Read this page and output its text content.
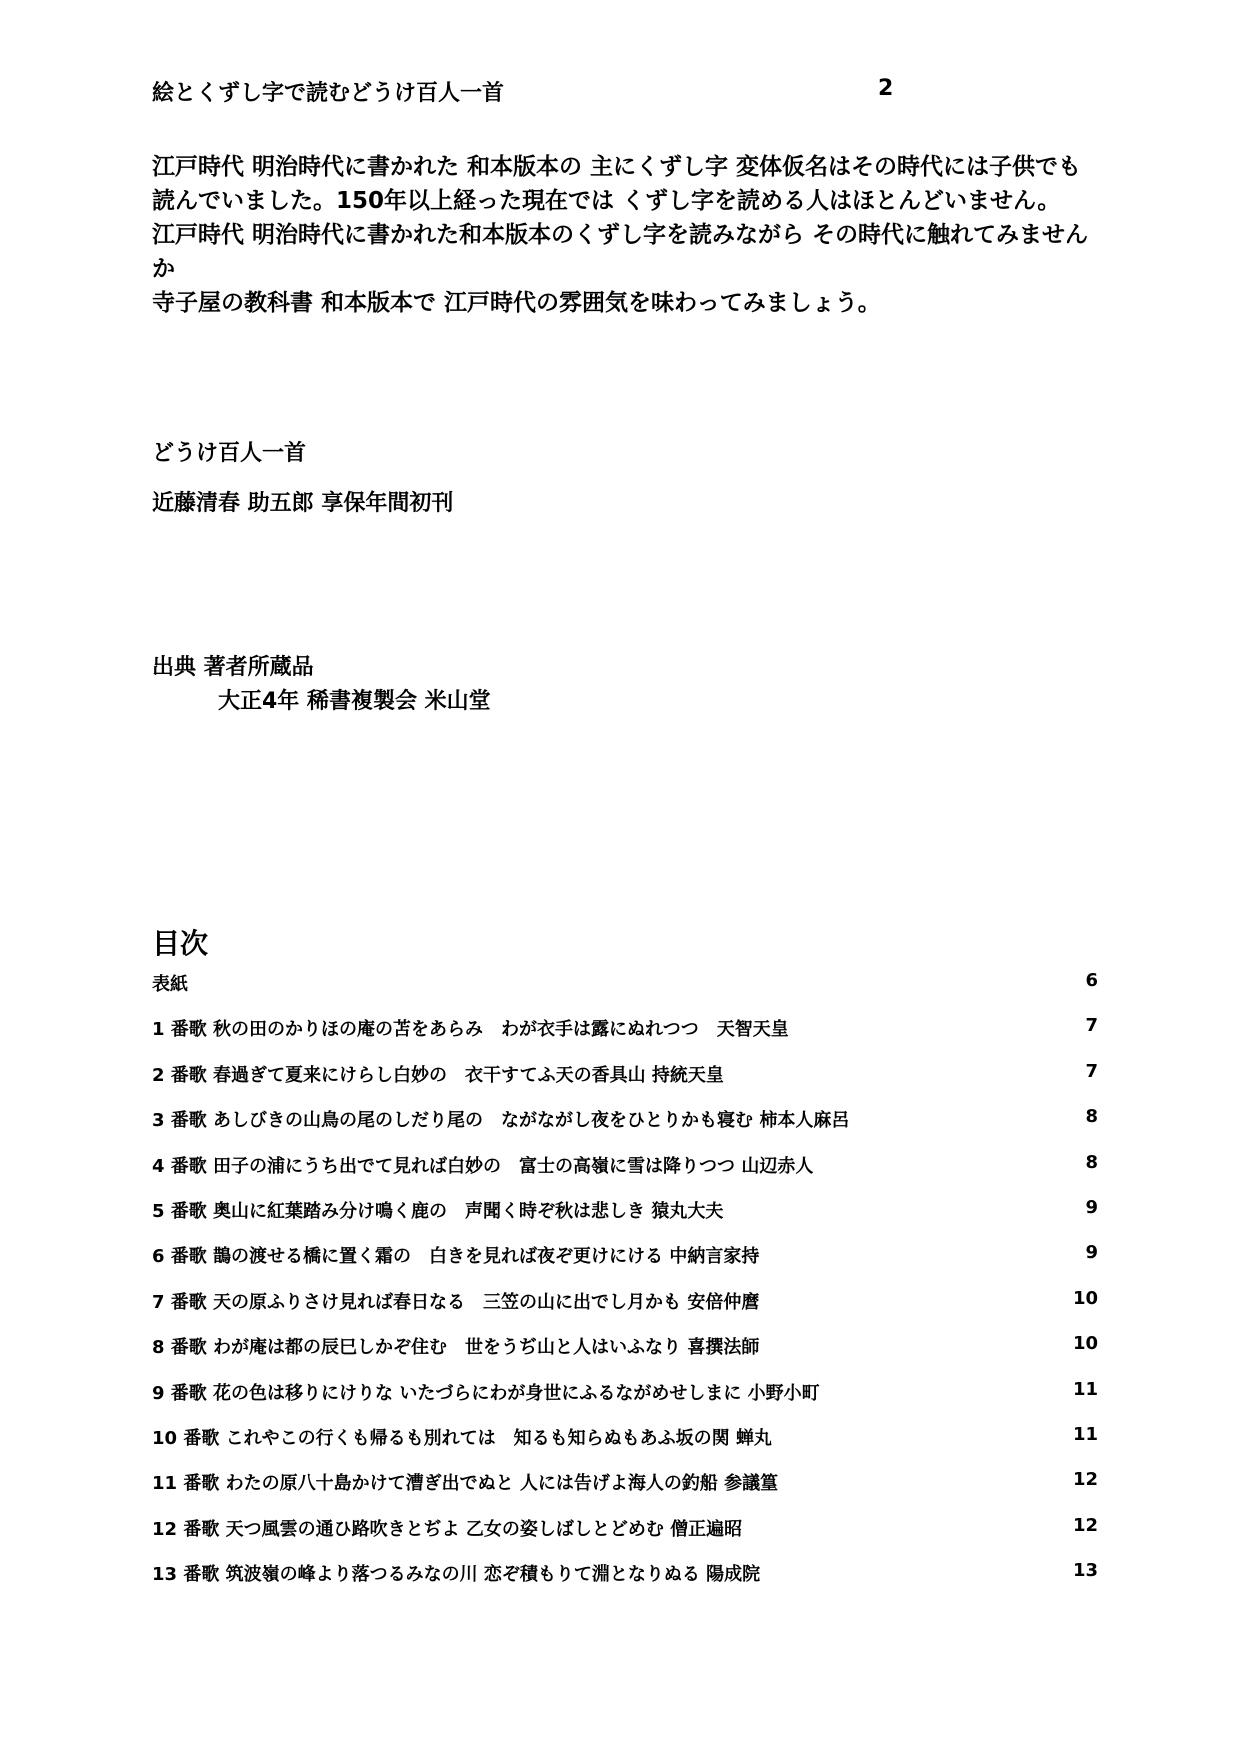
絵とくずし字で読むどうけ百人一首	2

江戸時代 明治時代に書かれた 和本版本の 主にくずし字 変体仮名はその時代には子供でも読んでいました。150年以上経った現在では くずし字を読める人はほとんどいません。

江戸時代 明治時代に書かれた和本版本のくずし字を読みながら その時代に触れてみませんか

寺子屋の教科書 和本版本で 江戸時代の雰囲気を味わってみましょう。

どうけ百人一首
近藤清春 助五郎 享保年間初刊
出典 著者所蔵品
大正4年 稀書複製会 米山堂
目次
表紙	6
1 番歌 秋の田のかりほの庵の苫をあらみ　わが衣手は露にぬれつつ　天智天皇	7
2 番歌 春過ぎて夏来にけらし白妙の　衣干すてふ天の香具山 持統天皇	7
3 番歌 あしびきの山鳥の尾のしだり尾の　ながながし夜をひとりかも寝む 柿本人麻呂	8
4 番歌 田子の浦にうち出でて見れば白妙の　富士の高嶺に雪は降りつつ 山辺赤人	8
5 番歌 奥山に紅葉踏み分け鳴く鹿の　声聞く時ぞ秋は悲しき 猿丸大夫	9
6 番歌 鵲の渡せる橋に置く霜の　白きを見れば夜ぞ更けにける 中納言家持	9
7 番歌 天の原ふりさけ見れば春日なる　三笠の山に出でし月かも 安倍仲麿	10
8 番歌 わが庵は都の辰巳しかぞ住む　世をうぢ山と人はいふなり 喜撰法師	10
9 番歌 花の色は移りにけりな いたづらにわが身世にふるながめせしまに 小野小町	11
10 番歌 これやこの行くも帰るも別れては　知るも知らぬもあふ坂の関 蝉丸	11
11 番歌 わたの原八十島かけて漕ぎ出でぬと 人には告げよ海人の釣船 参議篁	12
12 番歌 天つ風雲の通ひ路吹きとぢよ 乙女の姿しばしとどめむ 僧正遍昭	12
13 番歌 筑波嶺の峰より落つるみなの川 恋ぞ積もりて淵となりぬる 陽成院	13
